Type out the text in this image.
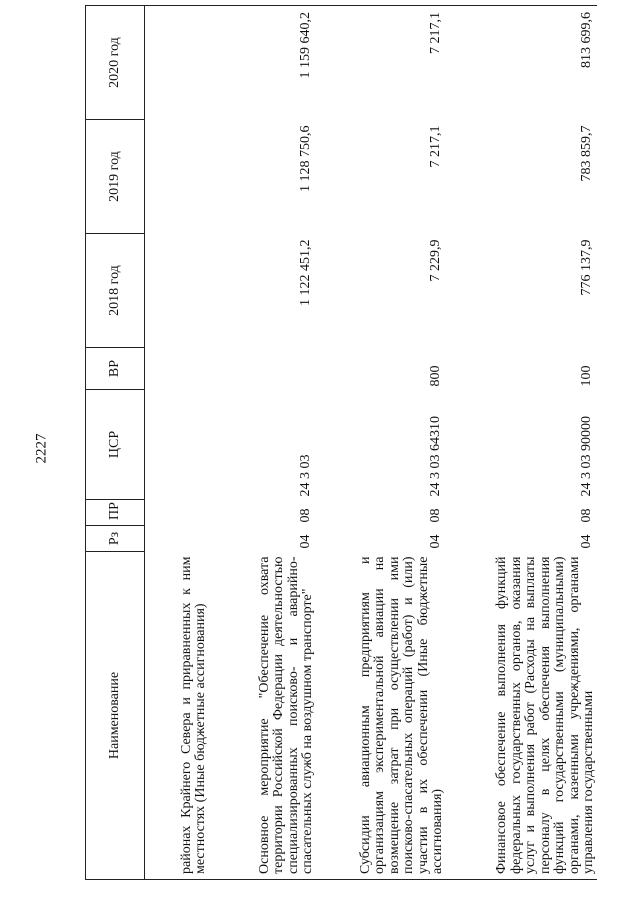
2227
Наименование	Рз	ПР	ЦСР	ВР	2018 год	2019 год	2020 год
районах Крайнего Севера и приравненных к ним местностях (Иные бюджетные ассигнования)							
Основное мероприятие "Обеспечение охвата территории Российской Федерации деятельностью специализированных поисково- и аварийно-спасательных служб на воздушном транспорте"	04	08	24 3 03		1 122 451,2	1 128 750,6	1 159 640,2
Субсидии авиационным предприятиям и организациям экспериментальной авиации на возмещение затрат при осуществлении ими поисково-спасательных операций (работ) и (или) участии в их обеспечении (Иные бюджетные ассигнования)	04	08	24 3 03 64310	800	7 229,9	7 217,1	7 217,1
Финансовое обеспечение выполнения функций федеральных государственных органов, оказания услуг и выполнения работ (Расходы на выплаты персоналу в целях обеспечения выполнения функций государственными (муниципальными) органами, казенными учреждениями, органами управления государственными	04	08	24 3 03 90000	100	776 137,9	783 859,7	813 699,6
